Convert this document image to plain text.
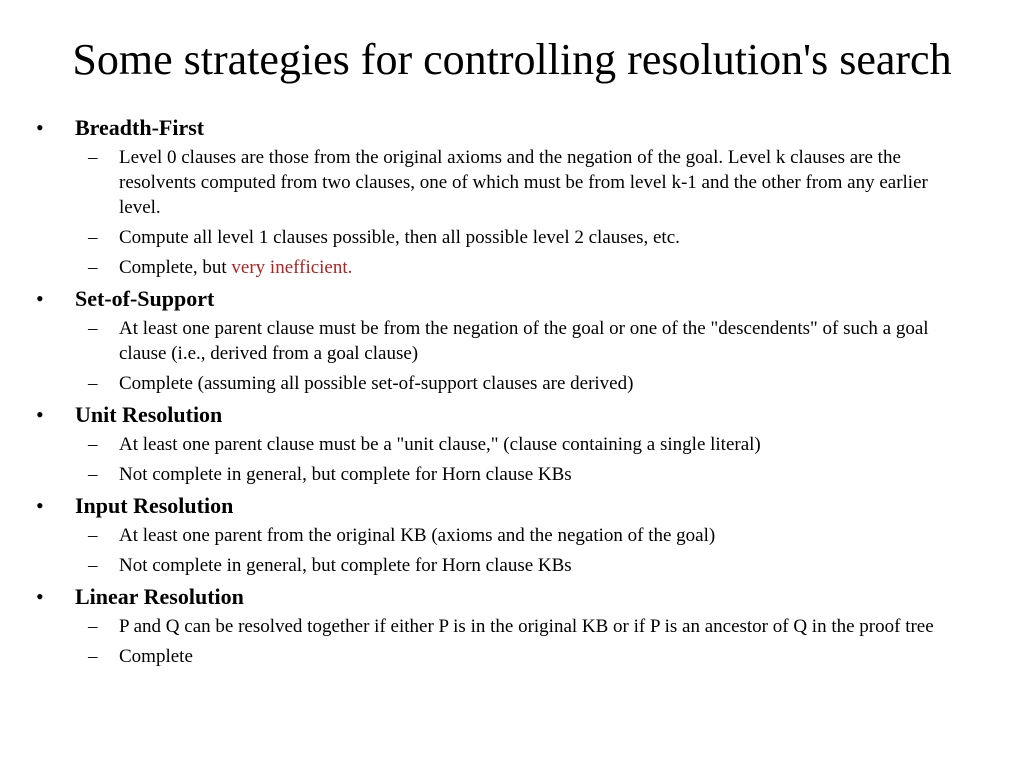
Some strategies for controlling resolution's search
• Breadth-First
– Level 0 clauses are those from the original axioms and the negation of the goal. Level k clauses are the resolvents computed from two clauses, one of which must be from level k-1 and the other from any earlier level.
– Compute all level 1 clauses possible, then all possible level 2 clauses, etc.
– Complete, but very inefficient.
• Set-of-Support
– At least one parent clause must be from the negation of the goal or one of the "descendents" of such a goal clause (i.e., derived from a goal clause)
– Complete (assuming all possible set-of-support clauses are derived)
• Unit Resolution
– At least one parent clause must be a "unit clause," (clause containing a single literal)
– Not complete in general, but complete for Horn clause KBs
• Input Resolution
– At least one parent from the original KB (axioms and the negation of the goal)
– Not complete in general, but complete for Horn clause KBs
• Linear Resolution
– P and Q can be resolved together if either P is in the original KB or if P is an ancestor of Q in the proof tree
– Complete
